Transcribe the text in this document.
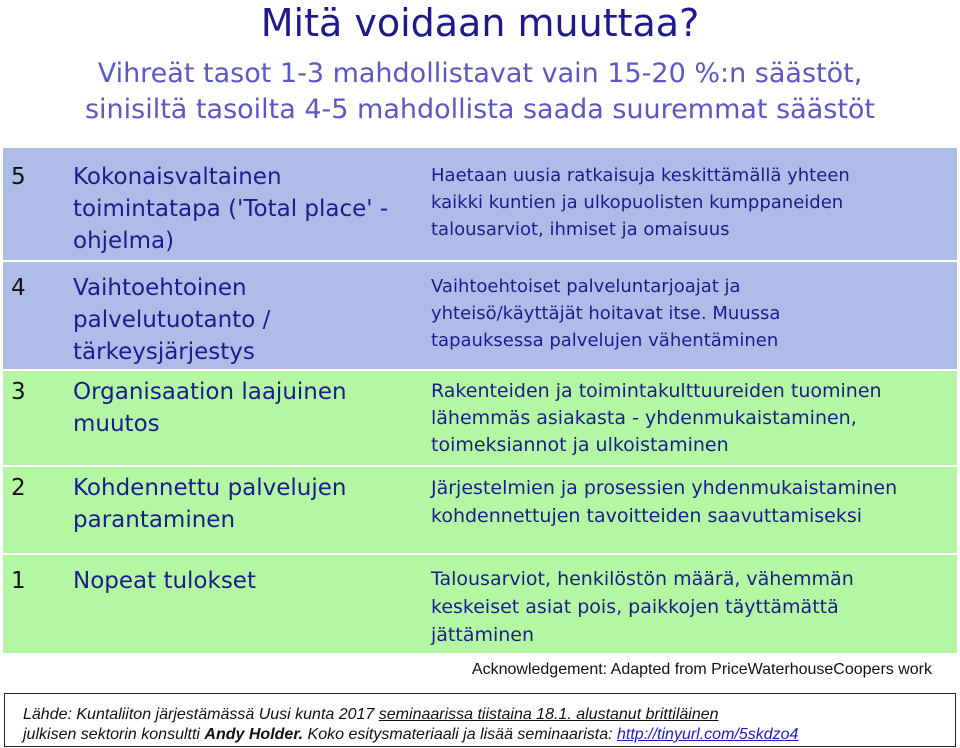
Mitä voidaan muuttaa?
Vihreät tasot 1-3 mahdollistavat vain 15-20 %:n säästöt,
sinisiltä tasoilta 4-5 mahdollista saada suuremmat säästöt
5 Kokonaisvaltainen
toimintatapa ('Total place' -
ohjelma)
Haetaan uusia ratkaisuja keskittämällä yhteen
kaikki kuntien ja ulkopuolisten kumppaneiden
talousarviot, ihmiset ja omaisuus
4 Vaihtoehtoinen
palvelutuotanto /
tärkeysjärjestys
Vaihtoehtoiset palveluntarjoajat ja
yhteisö/käyttäjät hoitavat itse. Muussa
tapauksessa palvelujen vähentäminen
3 Organisaation laajuinen
muutos
Rakenteiden ja toimintakulttuureiden tuominen
lähemmäs asiakasta - yhdenmukaistaminen,
toimeksiannot ja ulkoistaminen
2 Kohdennettu palvelujen
parantaminen
Järjestelmien ja prosessien yhdenmukaistaminen
kohdennettujen tavoitteiden saavuttamiseksi
1 Nopeat tulokset	Talousarviot, henkilöstön määrä, vähemmän
keskeiset asiat pois, paikkojen täyttämättä
jättäminen
Acknowledgement: Adapted from PriceWaterhouseCoopers work
Lähde: Kuntaliiton järjestämässä Uusi kunta 2017 seminaarissa tiistaina 18.1. alustanut brittiläinen
julkisen sektorin konsultti Andy Holder. Koko esitysmateriaali ja lisää seminaarista: http://tinyurl.com/5skdzo4
